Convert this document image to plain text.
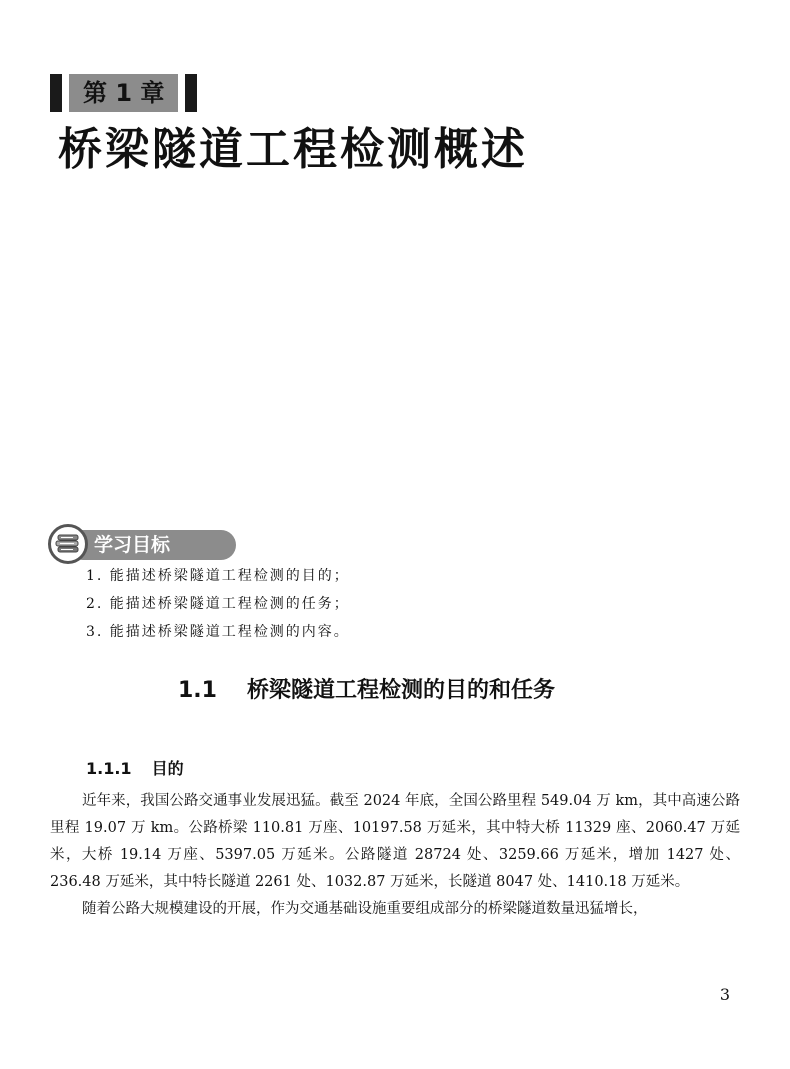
第 1 章
桥梁隧道工程检测概述
学习目标
1. 能描述桥梁隧道工程检测的目的；
2. 能描述桥梁隧道工程检测的任务；
3. 能描述桥梁隧道工程检测的内容。
1.1 桥梁隧道工程检测的目的和任务
1.1.1 目的

近年来，我国公路交通事业发展迅猛。截至 2024 年底，全国公路里程 549.04 万 km，其中高速公路里程 19.07 万 km。公路桥梁 110.81 万座、10197.58 万延米，其中特大桥 11329 座、2060.47 万延米，大桥 19.14 万座、5397.05 万延米。公路隧道 28724 处、3259.66 万延米，增加 1427 处、236.48 万延米，其中特长隧道 2261 处、1032.87 万延米，长隧道 8047 处、1410.18 万延米。

随着公路大规模建设的开展，作为交通基础设施重要组成部分的桥梁隧道数量迅猛增长，

3
